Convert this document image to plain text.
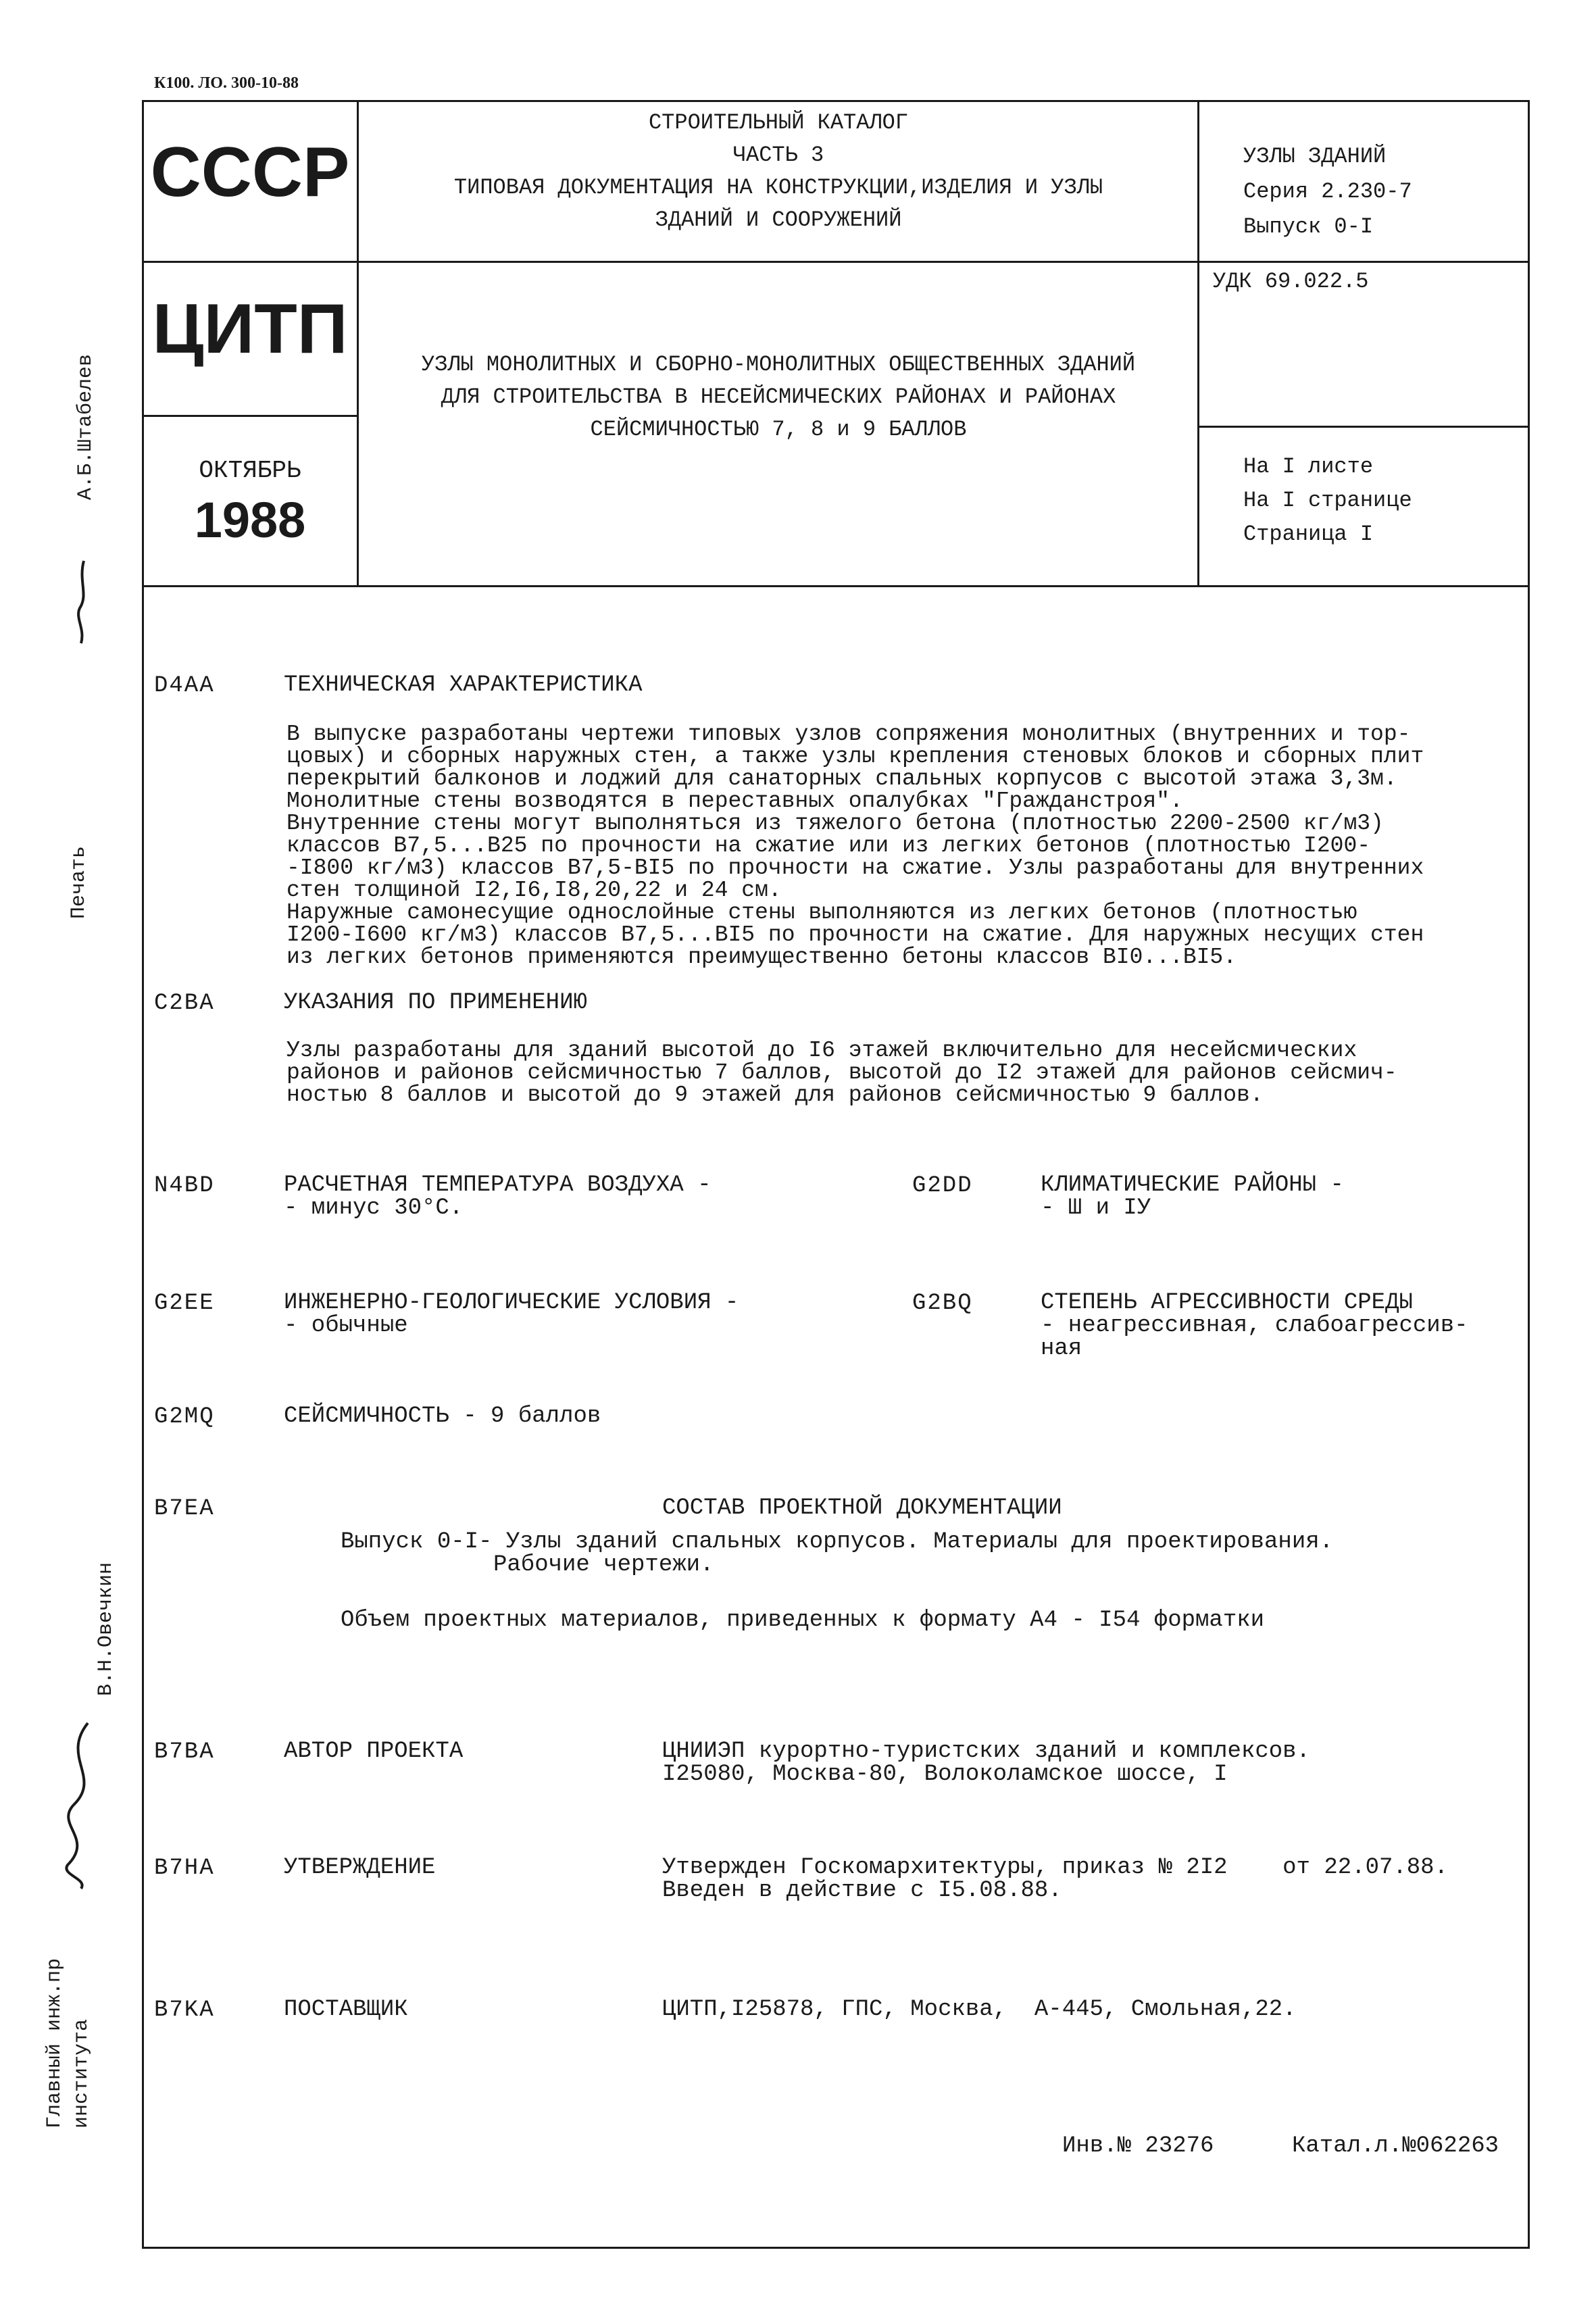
К100. ЛО. 300-10-88
СССР
ЦИТП
ОКТЯБРЬ
1988
СТРОИТЕЛЬНЫЙ КАТАЛОГ
ЧАСТЬ 3
ТИПОВАЯ ДОКУМЕНТАЦИЯ НА КОНСТРУКЦИИ,ИЗДЕЛИЯ И УЗЛЫ
ЗДАНИЙ И СООРУЖЕНИЙ
УЗЛЫ МОНОЛИТНЫХ И СБОРНО-МОНОЛИТНЫХ ОБЩЕСТВЕННЫХ ЗДАНИЙ
ДЛЯ СТРОИТЕЛЬСТВА В НЕСЕЙСМИЧЕСКИХ РАЙОНАХ И РАЙОНАХ
СЕЙСМИЧНОСТЬЮ 7, 8 и 9 БАЛЛОВ
УЗЛЫ ЗДАНИЙ
Серия 2.230-7
Выпуск 0-I
УДК 69.022.5
На I листе
На I странице
Страница I
А.Б.Штабелев
Печать
В.Н.Овечкин
Главный инж.пр института
D4AA	ТЕХНИЧЕСКАЯ ХАРАКТЕРИСТИКА
В выпуске разработаны чертежи типовых узлов сопряжения монолитных (внутренних и тор-
цовых) и сборных наружных стен, а также узлы крепления стеновых блоков и сборных плит
перекрытий балконов и лоджий для санаторных спальных корпусов с высотой этажа 3,3м.
Монолитные стены возводятся в переставных опалубках "Гражданстроя".
Внутренние стены могут выполняться из тяжелого бетона (плотностью 2200-2500 кг/м3)
классов В7,5...В25 по прочности на сжатие или из легких бетонов (плотностью I200-
-I800 кг/м3) классов В7,5-ВI5 по прочности на сжатие. Узлы разработаны для внутренних
стен толщиной I2,I6,I8,20,22 и 24 см.
Наружные самонесущие однослойные стены выполняются из легких бетонов (плотностью
I200-I600 кг/м3) классов В7,5...ВI5 по прочности на сжатие. Для наружных несущих стен
из легких бетонов применяются преимущественно бетоны классов ВI0...ВI5.
C2BA	УКАЗАНИЯ ПО ПРИМЕНЕНИЮ
Узлы разработаны для зданий высотой до I6 этажей включительно для несейсмических
районов и районов сейсмичностью 7 баллов, высотой до I2 этажей для районов сейсмич-
ностью 8 баллов и высотой до 9 этажей для районов сейсмичностью 9 баллов.
N4BD	РАСЧЕТНАЯ ТЕМПЕРАТУРА ВОЗДУХА -
- минус 30°С.
G2DD	КЛИМАТИЧЕСКИЕ РАЙОНЫ -
- Ш и IУ
G2EE	ИНЖЕНЕРНО-ГЕОЛОГИЧЕСКИЕ УСЛОВИЯ -
- обычные
G2BQ	СТЕПЕНЬ АГРЕССИВНОСТИ СРЕДЫ
- неагрессивная, слабоагрессив-
ная
G2MQ	СЕЙСМИЧНОСТЬ - 9 баллов
B7EA	СОСТАВ ПРОЕКТНОЙ ДОКУМЕНТАЦИИ
Выпуск 0-I- Узлы зданий спальных корпусов. Материалы для проектирования.
Рабочие чертежи.
Объем проектных материалов, приведенных к формату А4 - I54 форматки
B7BA	АВТОР ПРОЕКТА	ЦНИИЭП курортно-туристских зданий и комплексов.
I25080, Москва-80, Волоколамское шоссе, I
B7HA	УТВЕРЖДЕНИЕ	Утвержден Госкомархитектуры, приказ № 2I2    от 22.07.88.
Введен в действие с I5.08.88.
B7KA	ПОСТАВЩИК	ЦИТП,I25878, ГПС, Москва,  А-445, Смольная,22.
Инв.№ 23276	Катал.л.№062263
